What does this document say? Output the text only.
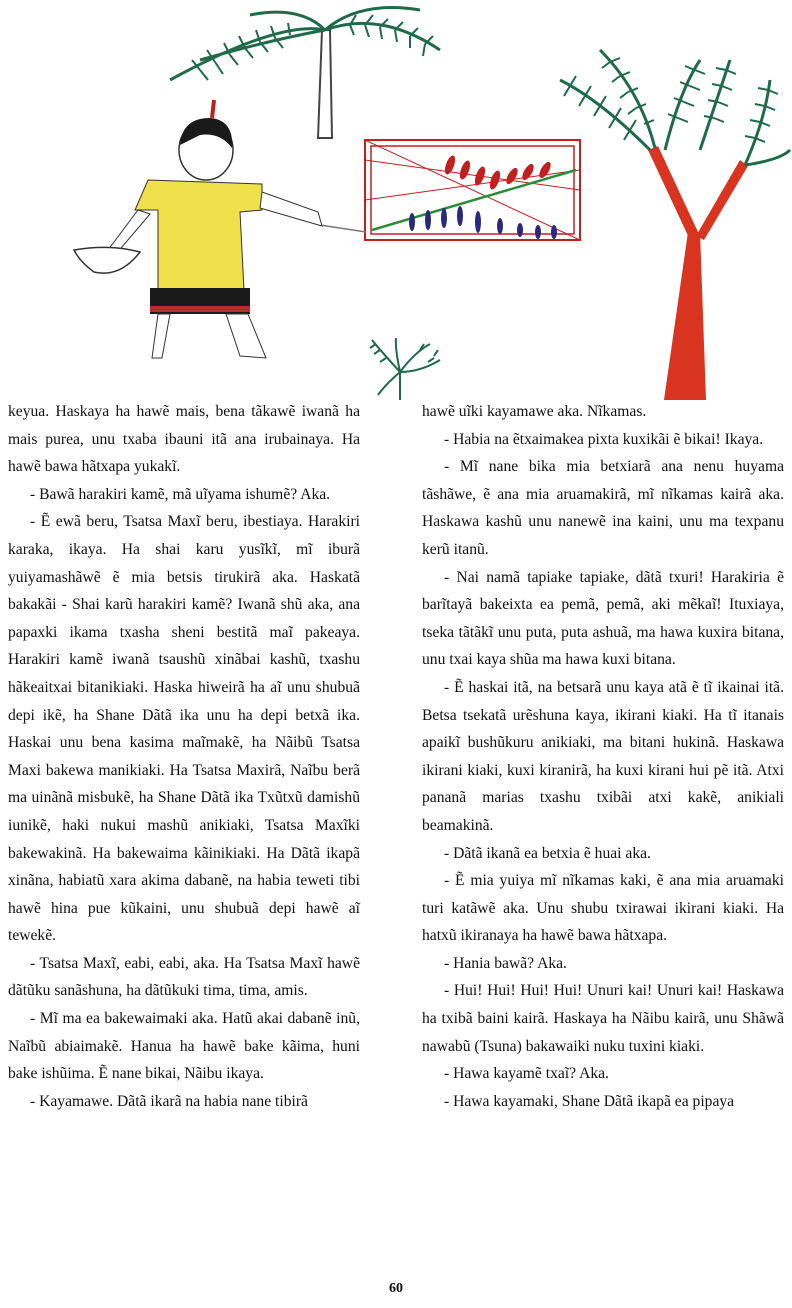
keyua. Haskaya ha hawẽ mais, bena tãkawẽ iwanã ha mais purea, unu txaba ibauni itã ana irubainaya. Ha hawẽ bawa hãtxapa yukakĩ.

- Bawã harakiri kamẽ, mã uĩyama ishumẽ? Aka.

- Ẽ ewã beru, Tsatsa Maxĩ beru, ibestiaya. Harakiri karaka, ikaya. Ha shai karu yusĩkĩ, mĩ iburã yuiyamashãwẽ ẽ mia betsis tirukirã aka. Haskatã bakakãi - Shai karũ harakiri kamẽ? Iwanã shũ aka, ana papaxki ikama txasha sheni bestitã maĩ pakeaya. Harakiri kamẽ iwanã tsaushũ xinãbai kashũ, txashu hãkeaitxai bitanikiaki. Haska hiweirã ha aĩ unu shubuã depi ikẽ, ha Shane Dãtã ika unu ha depi betxã ika. Haskai unu bena kasima maĩmakẽ, ha Nãibũ Tsatsa Maxi bakewa manikiaki. Ha Tsatsa Maxirã, Naĩbu berã ma uinãnã misbukẽ, ha Shane Dãtã ika Txũtxũ damishũ iunikẽ, haki nukui mashũ anikiaki, Tsatsa Maxĩki bakewakinã. Ha bakewaima kãinikiaki. Ha Dãtã ikapã xinãna, habiatũ xara akima dabanẽ, na habia teweti tibi hawẽ hina pue kũkaini, unu shubuã depi hawẽ aĩ tewekẽ.

- Tsatsa Maxĩ, eabi, eabi, aka. Ha Tsatsa Maxĩ hawẽ dãtũku sanãshuna, ha dãtũkuki tima, tima, amis.

- Mĩ ma ea bakewaimaki aka. Hatũ akai dabanẽ inũ, Naĩbũ abiaimakẽ. Hanua ha hawẽ bake kãima, huni bake ishũima. Ẽ nane bikai, Nãibu ikaya.

- Kayamawe. Dãtã ikarã na habia nane tibirã

hawẽ uĩki kayamawe aka. Nĩkamas.

- Habia na ẽtxaimakea pixta kuxikãi ẽ bikai! Ikaya.

- Mĩ nane bika mia betxiarã ana nenu huyama tãshãwe, ẽ ana mia aruamakirã, mĩ nĩkamas kairã aka. Haskawa kashũ unu nanewẽ ina kaini, unu ma texpanu kerũ itanũ.

- Nai namã tapiake tapiake, dãtã txuri! Harakiria ẽ barĩtayã bakeixta ea pemã, pemã, aki mẽkaĩ! Ituxiaya, tseka tãtãkĩ unu puta, puta ashuã, ma hawa kuxira bitana, unu txai kaya shũa ma hawa kuxi bitana.

- Ẽ haskai itã, na betsarã unu kaya atã ẽ tĩ ikainai itã. Betsa tsekatã urẽshuna kaya, ikirani kiaki. Ha tĩ itanais apaikĩ bushũkuru anikiaki, ma bitani hukinã. Haskawa ikirani kiaki, kuxi kiranirã, ha kuxi kirani hui pẽ itã. Atxi pananã marias txashu txibãi atxi kakẽ, anikiali beamakinã.

- Dãtã ikanã ea betxia ẽ huai aka.

- Ẽ mia yuiya mĩ nĩkamas kaki, ẽ ana mia aruamaki turi katãwẽ aka. Unu shubu txirawai ikirani kiaki. Ha hatxũ ikiranaya ha hawẽ bawa hãtxapa.

- Hania bawã? Aka.

- Hui! Hui! Hui! Hui! Unuri kai! Unuri kai! Haskawa ha txibã baini kairã. Haskaya ha Nãibu kairã, unu Shãwã nawabũ (Tsuna) bakawaiki nuku tuxini kiaki.

- Hawa kayamẽ txaĩ? Aka.

- Hawa kayamaki, Shane Dãtã ikapã ea pipaya

60
